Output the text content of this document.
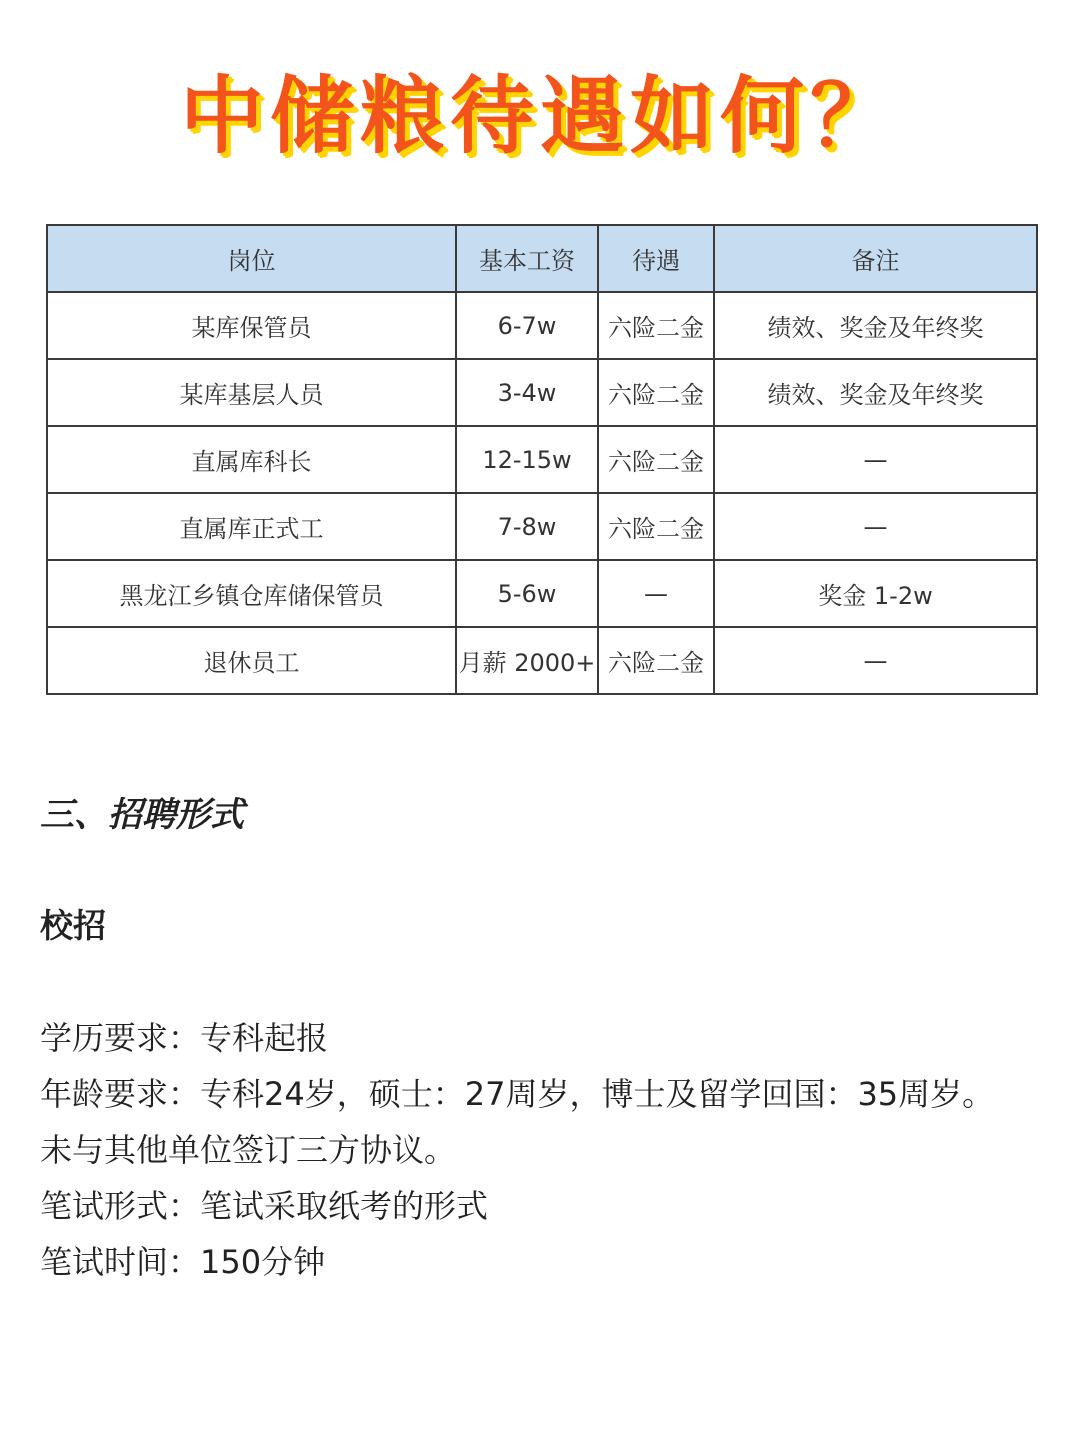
中储粮待遇如何？
岗位	基本工资	待遇	备注
某库保管员	6-7w	六险二金	绩效、奖金及年终奖
某库基层人员	3-4w	六险二金	绩效、奖金及年终奖
直属库科长	12-15w	六险二金	—
直属库正式工	7-8w	六险二金	—
黑龙江乡镇仓库储保管员	5-6w	—	奖金 1-2w
退休员工	月薪 2000+	六险二金	—
三、招聘形式
校招
学历要求：专科起报
年龄要求：专科24岁，硕士：27周岁，博士及留学回国：35周岁。
未与其他单位签订三方协议。
笔试形式：笔试采取纸考的形式
笔试时间：150分钟
